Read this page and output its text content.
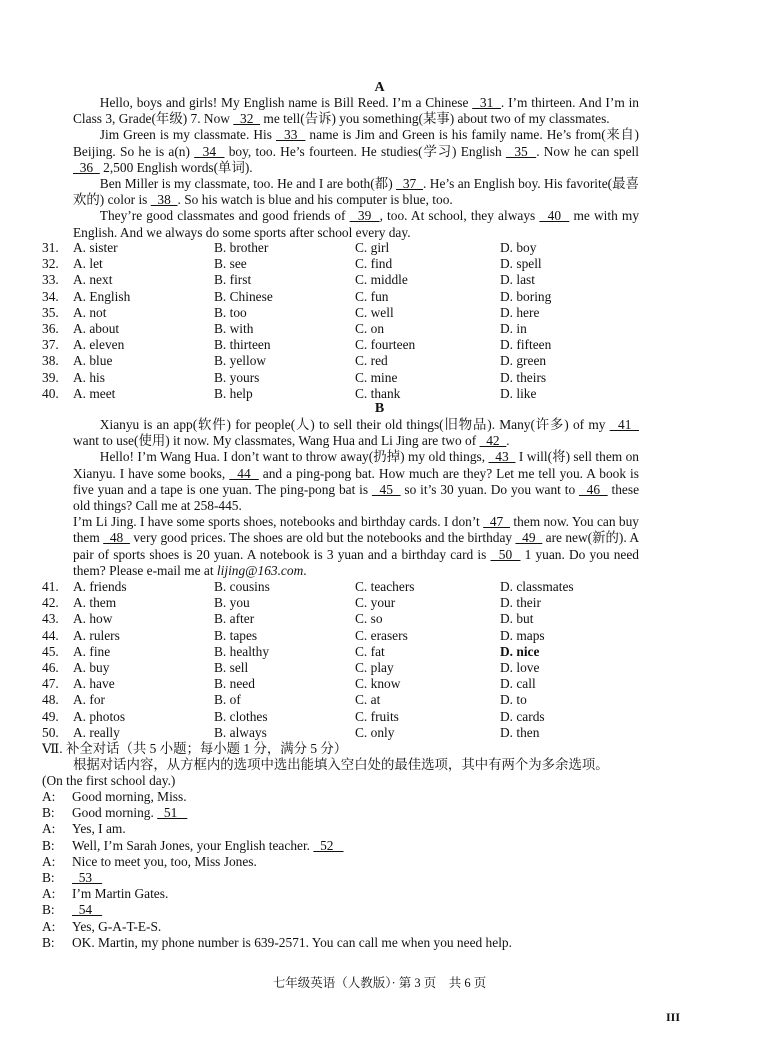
A
Hello, boys and girls! My English name is Bill Reed. I’m a Chinese   31  . I’m thirteen. And I’m in Class 3, Grade(年级) 7. Now   32   me tell(告诉) you something(某事) about two of my classmates.
Jim Green is my classmate. His   33   name is Jim and Green is his family name. He’s from(来自) Beijing. So he is a(n)   34   boy, too. He’s fourteen. He studies(学习) English   35  . Now he can spell   36   2,500 English words(单词).
Ben Miller is my classmate, too. He and I are both(都)   37  . He’s an English boy. His favorite(最喜欢的) color is   38  . So his watch is blue and his computer is blue, too.
They’re good classmates and good friends of   39  , too. At school, they always   40   me with my English. And we always do some sports after school every day.
31. A. sister	B. brother	C. girl	D. boy
32. A. let	B. see	C. find	D. spell
33. A. next	B. first	C. middle	D. last
34. A. English	B. Chinese	C. fun	D. boring
35. A. not	B. too	C. well	D. here
36. A. about	B. with	C. on	D. in
37. A. eleven	B. thirteen	C. fourteen	D. fifteen
38. A. blue	B. yellow	C. red	D. green
39. A. his	B. yours	C. mine	D. theirs
40. A. meet	B. help	C. thank	D. like
B
Xianyu is an app(软件) for people(人) to sell their old things(旧物品). Many(许多) of my   41   want to use(使用) it now. My classmates, Wang Hua and Li Jing are two of   42  .
Hello! I’m Wang Hua. I don’t want to throw away(扔掉) my old things,   43   I will(将) sell them on Xianyu. I have some books,   44   and a ping-pong bat. How much are they? Let me tell you. A book is five yuan and a tape is one yuan. The ping-pong bat is   45   so it’s 30 yuan. Do you want to   46   these old things? Call me at 258-445.
I’m Li Jing. I have some sports shoes, notebooks and birthday cards. I don’t   47   them now. You can buy them   48   very good prices. The shoes are old but the notebooks and the birthday   49   are new(新的). A pair of sports shoes is 20 yuan. A notebook is 3 yuan and a birthday card is   50   1 yuan. Do you need them? Please e-mail me at lijing@163.com.
41. A. friends	B. cousins	C. teachers	D. classmates
42. A. them	B. you	C. your	D. their
43. A. how	B. after	C. so	D. but
44. A. rulers	B. tapes	C. erasers	D. maps
45. A. fine	B. healthy	C. fat	D. nice
46. A. buy	B. sell	C. play	D. love
47. A. have	B. need	C. know	D. call
48. A. for	B. of	C. at	D. to
49. A. photos	B. clothes	C. fruits	D. cards
50. A. really	B. always	C. only	D. then
Ⅶ. 补全对话（共 5 小题；每小题 1 分，满分 5 分）
根据对话内容，从方框内的选项中选出能填入空白处的最佳选项，其中有两个为多余选项。
(On the first school day.)
A: Good morning, Miss.
B: Good morning.   51
A: Yes, I am.
B: Well, I’m Sarah Jones, your English teacher.   52
A: Nice to meet you, too, Miss Jones.
B: 53
A: I’m Martin Gates.
B: 54
A: Yes, G-A-T-E-S.
B: OK. Martin, my phone number is 639-2571. You can call me when you need help.
七年级英语（人教版）· 第 3 页　共 6 页
III
